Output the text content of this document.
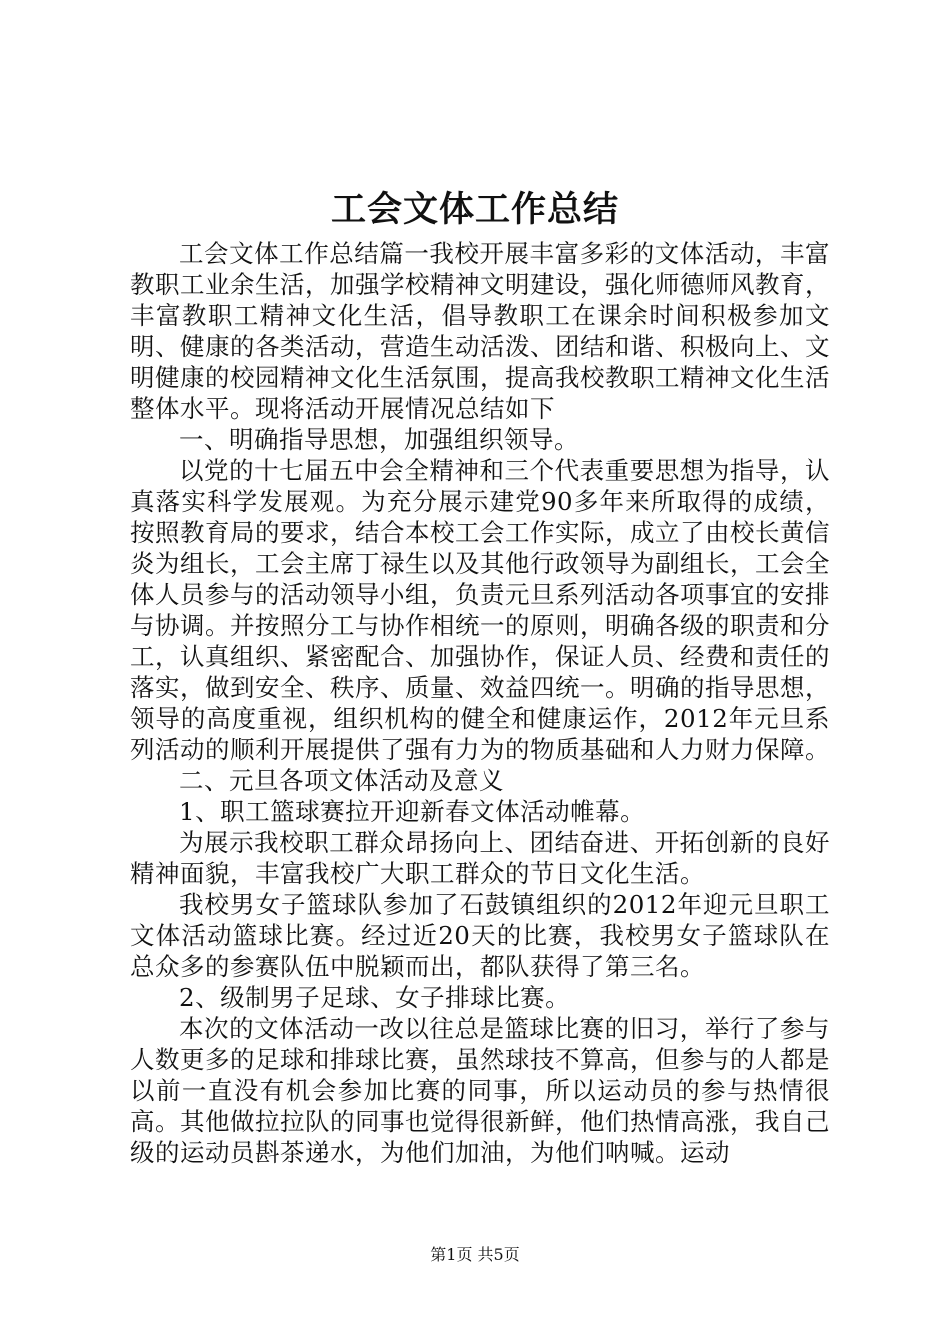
工会文体工作总结

工会文体工作总结篇一我校开展丰富多彩的文体活动，丰富教职工业余生活，加强学校精神文明建设，强化师德师风教育，丰富教职工精神文化生活，倡导教职工在课余时间积极参加文明、健康的各类活动，营造生动活泼、团结和谐、积极向上、文明健康的校园精神文化生活氛围，提高我校教职工精神文化生活整体水平。现将活动开展情况总结如下

一、明确指导思想，加强组织领导。

以党的十七届五中会全精神和三个代表重要思想为指导，认真落实科学发展观。为充分展示建党90多年来所取得的成绩，按照教育局的要求，结合本校工会工作实际，成立了由校长黄信炎为组长，工会主席丁禄生以及其他行政领导为副组长，工会全体人员参与的活动领导小组，负责元旦系列活动各项事宜的安排与协调。并按照分工与协作相统一的原则，明确各级的职责和分工，认真组织、紧密配合、加强协作，保证人员、经费和责任的落实，做到安全、秩序、质量、效益四统一。明确的指导思想，领导的高度重视，组织机构的健全和健康运作，2012年元旦系列活动的顺利开展提供了强有力为的物质基础和人力财力保障。

二、元旦各项文体活动及意义

1、职工篮球赛拉开迎新春文体活动帷幕。

为展示我校职工群众昂扬向上、团结奋进、开拓创新的良好精神面貌，丰富我校广大职工群众的节日文化生活。

我校男女子篮球队参加了石鼓镇组织的2012年迎元旦职工文体活动篮球比赛。经过近20天的比赛，我校男女子篮球队在总众多的参赛队伍中脱颖而出，都队获得了第三名。

2、级制男子足球、女子排球比赛。

本次的文体活动一改以往总是篮球比赛的旧习，举行了参与人数更多的足球和排球比赛，虽然球技不算高，但参与的人都是以前一直没有机会参加比赛的同事，所以运动员的参与热情很高。其他做拉拉队的同事也觉得很新鲜，他们热情高涨，我自己级的运动员斟茶递水，为他们加油，为他们呐喊。运动

第1页 共5页
